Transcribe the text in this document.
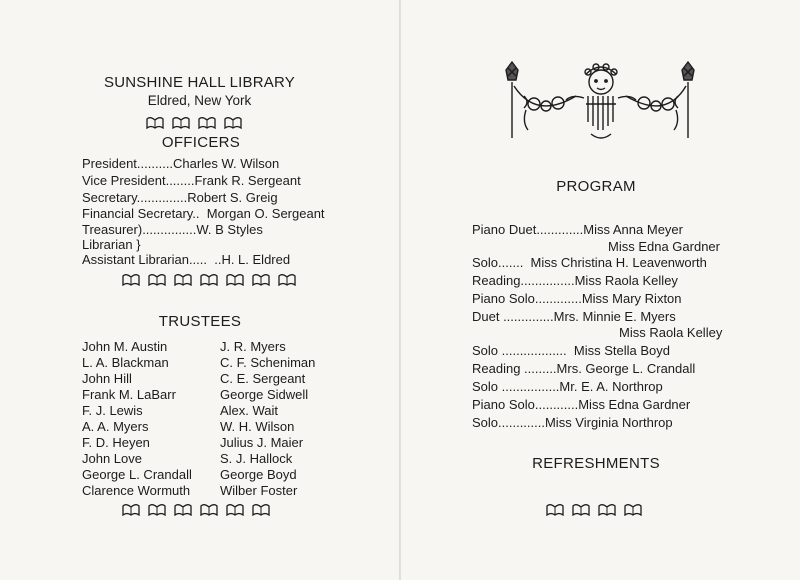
SUNSHINE HALL LIBRARY
Eldred, New York
OFFICERS
President..........Charles W. Wilson
Vice President........Frank R. Sergeant
Secretary..............Robert S. Greig
Financial Secretary..  Morgan O. Sergeant
Treasurer)...............W. B Styles
Librarian }
Assistant Librarian.....  ..H. L. Eldred
TRUSTEES
John M. Austin
L. A. Blackman
John Hill
Frank M. LaBarr
F. J. Lewis
A. A. Myers
F. D. Heyen
John Love
George L. Crandall
Clarence Wormuth
J. R. Myers
C. F. Scheniman
C. E. Sergeant
George Sidwell
Alex. Wait
W. H. Wilson
Julius J. Maier
S. J. Hallock
George Boyd
Wilber Foster
PROGRAM
Piano Duet.............Miss Anna Meyer
Miss Edna Gardner
Solo.......  Miss Christina H. Leavenworth
Reading...............Miss Raola Kelley
Piano Solo.............Miss Mary Rixton
Duet ..............Mrs. Minnie E. Myers
Miss Raola Kelley
Solo ..................  Miss Stella Boyd
Reading .........Mrs. George L. Crandall
Solo ................Mr. E. A. Northrop
Piano Solo............Miss Edna Gardner
Solo.............Miss Virginia Northrop
REFRESHMENTS
